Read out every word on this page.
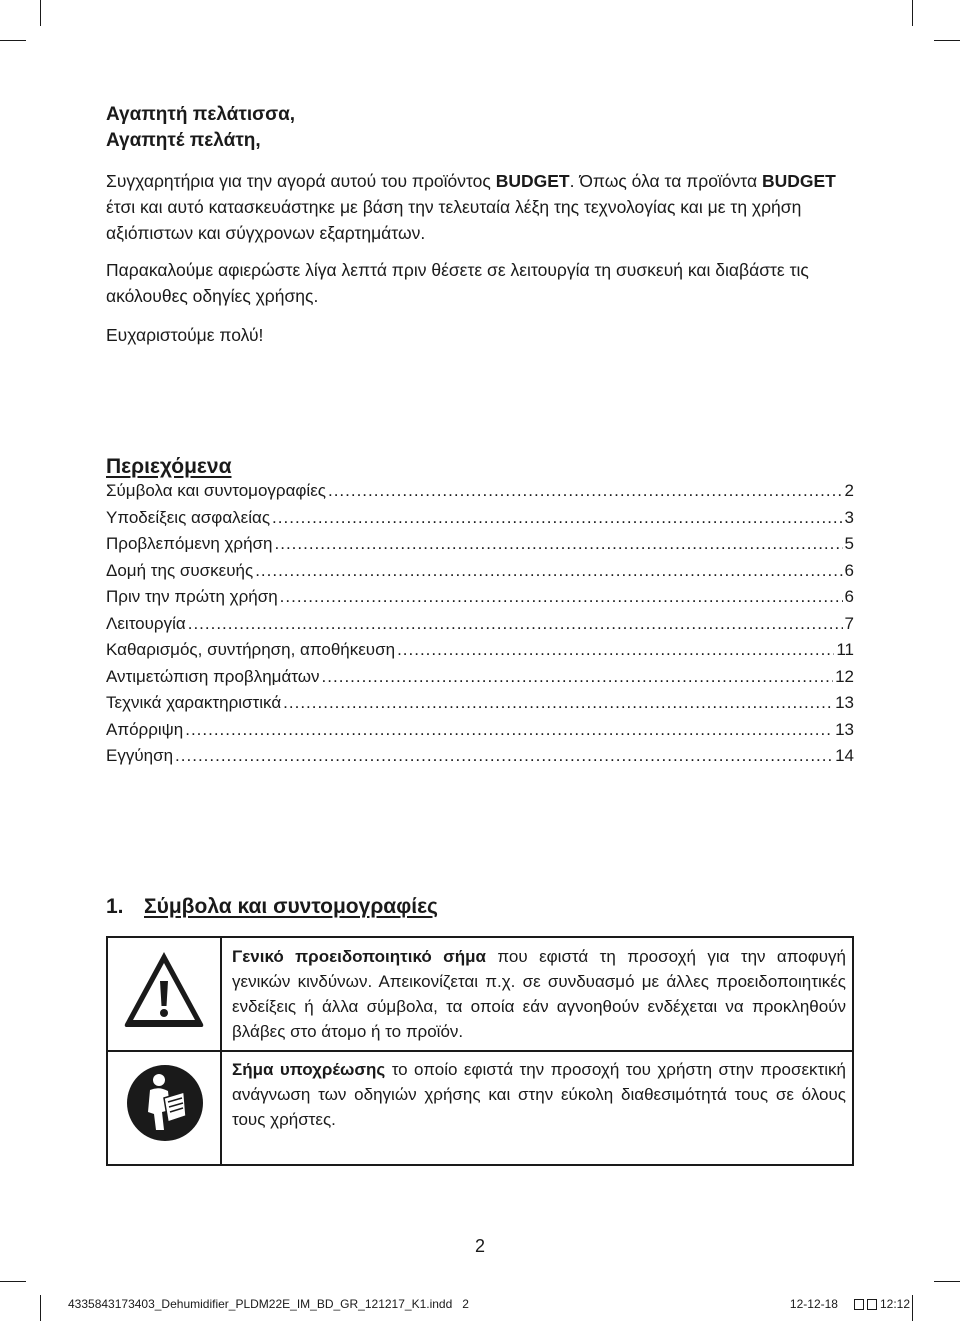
Αγαπητή πελάτισσα,
Αγαπητέ πελάτη,
Συγχαρητήρια για την αγορά αυτού του προϊόντος BUDGET. Όπως όλα τα προϊόντα BUDGET έτσι και αυτό κατασκευάστηκε με βάση την τελευταία λέξη της τεχνολογίας και με τη χρήση αξιόπιστων και σύγχρονων εξαρτημάτων.
Παρακαλούμε αφιερώστε λίγα λεπτά πριν θέσετε σε λειτουργία τη συσκευή και διαβάστε τις ακόλουθες οδηγίες χρήσης.
Ευχαριστούμε πολύ!
Περιεχόμενα
Σύμβολα και συντομογραφίες .....	2
Υποδείξεις ασφαλείας .....	3
Προβλεπόμενη χρήση .....	5
Δομή της συσκευής .....	6
Πριν την πρώτη χρήση .....	6
Λειτουργία .....	7
Καθαρισμός, συντήρηση, αποθήκευση .....	11
Αντιμετώπιση προβλημάτων .....	12
Τεχνικά χαρακτηριστικά .....	13
Απόρριψη .....	13
Εγγύηση .....	14
1. Σύμβολα και συντομογραφίες
Γενικό προειδοποιητικό σήμα που εφιστά τη προσοχή για την αποφυγή γενικών κινδύνων. Απεικονίζεται π.χ. σε συνδυασμό με άλλες προειδοποιητικές ενδείξεις ή άλλα σύμβολα, τα οποία εάν αγνοηθούν ενδέχεται να προκληθούν βλάβες στο άτομο ή το προϊόν.
Σήμα υποχρέωσης το οποίο εφιστά την προσοχή του χρήστη στην προσεκτική ανάγνωση των οδηγιών χρήσης και στην εύκολη διαθεσιμότητά τους σε όλους τους χρήστες.
2
4335843173403_Dehumidifier_PLDM22E_IM_BD_GR_121217_K1.indd   2	12-12-18	12:12
